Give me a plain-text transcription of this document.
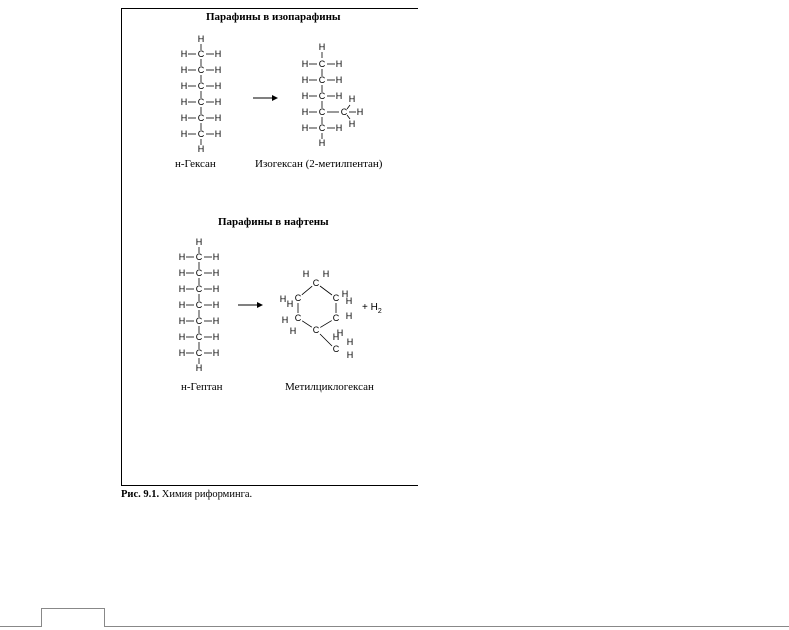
Парафины в изопарафины
Парафины в нафтены
н-Гексан	Изогексан (2-метилпентан)
н-Гептан	Метилциклогексан
H
C
H	H
C
H	H
C
H	H
C
H	H
C
H	H
C
H	H
H
H
C
H	H
C
H	H
C
H	H
C
H	C
H
H
H
C
H	H
H
H
C
H	H
C
H	H
C
H	H
C
H	H
C
H	H
C
H	H
C
H	H
H
C
C
C
C
C
C
H H
H
H
H
H
H
H
H
H
C
H
H
H
+ $H_2$
Рис. 9.1. Химия риформинга.
